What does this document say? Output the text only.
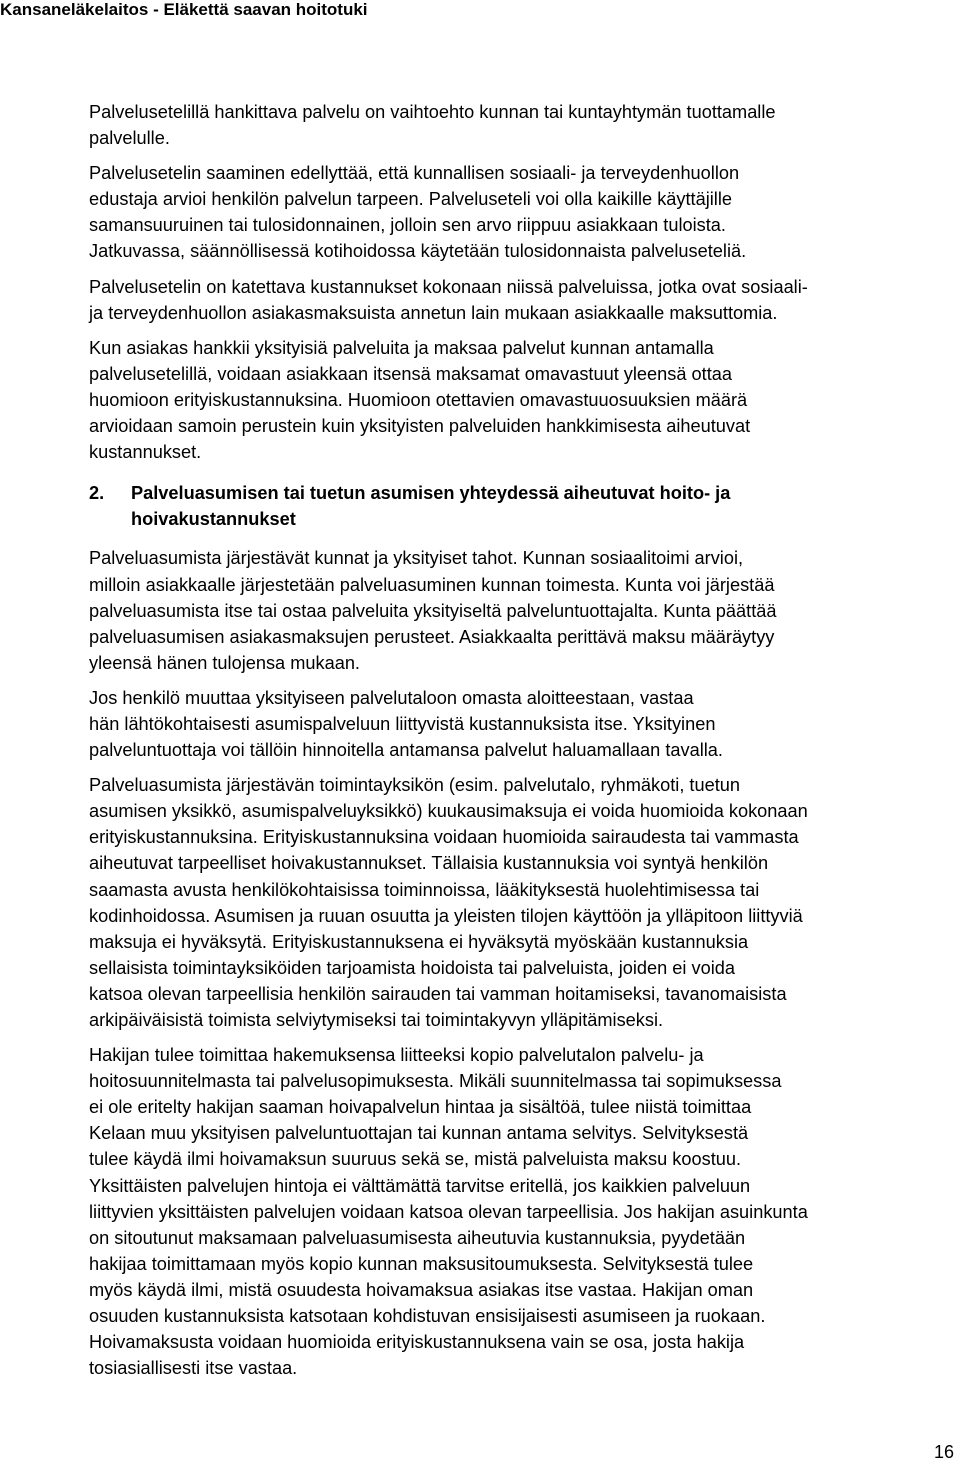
Kansaneläkelaitos - Eläkettä saavan hoitotuki

Palvelusetelillä hankittava palvelu on vaihtoehto kunnan tai kuntayhtymän tuottamalle
palvelulle.

Palvelusetelin saaminen edellyttää, että kunnallisen sosiaali- ja terveydenhuollon
edustaja arvioi henkilön palvelun tarpeen. Palveluseteli voi olla kaikille käyttäjille
samansuuruinen tai tulosidonnainen, jolloin sen arvo riippuu asiakkaan tuloista.
Jatkuvassa, säännöllisessä kotihoidossa käytetään tulosidonnaista palveluseteliä.

Palvelusetelin on katettava kustannukset kokonaan niissä palveluissa, jotka ovat sosiaali-
ja terveydenhuollon asiakasmaksuista annetun lain mukaan asiakkaalle maksuttomia.

Kun asiakas hankkii yksityisiä palveluita ja maksaa palvelut kunnan antamalla
palvelusetelillä, voidaan asiakkaan itsensä maksamat omavastuut yleensä ottaa
huomioon erityiskustannuksina. Huomioon otettavien omavastuuosuuksien määrä
arvioidaan samoin perustein kuin yksityisten palveluiden hankkimisesta aiheutuvat
kustannukset.

2.	Palveluasumisen tai tuetun asumisen yhteydessä aiheutuvat hoito- ja
hoivakustannukset

Palveluasumista järjestävät kunnat ja yksityiset tahot. Kunnan sosiaalitoimi arvioi,
milloin asiakkaalle järjestetään palveluasuminen kunnan toimesta. Kunta voi järjestää
palveluasumista itse tai ostaa palveluita yksityiseltä palveluntuottajalta. Kunta päättää
palveluasumisen asiakasmaksujen perusteet. Asiakkaalta perittävä maksu määräytyy
yleensä hänen tulojensa mukaan.

Jos henkilö muuttaa yksityiseen palvelutaloon omasta aloitteestaan, vastaa
hän lähtökohtaisesti asumispalveluun liittyvistä kustannuksista itse. Yksityinen
palveluntuottaja voi tällöin hinnoitella antamansa palvelut haluamallaan tavalla.

Palveluasumista järjestävän toimintayksikön (esim. palvelutalo, ryhmäkoti, tuetun
asumisen yksikkö, asumispalveluyksikkö) kuukausimaksuja ei voida huomioida kokonaan
erityiskustannuksina. Erityiskustannuksina voidaan huomioida sairaudesta tai vammasta
aiheutuvat tarpeelliset hoivakustannukset. Tällaisia kustannuksia voi syntyä henkilön
saamasta avusta henkilökohtaisissa toiminnoissa, lääkityksestä huolehtimisessa tai
kodinhoidossa. Asumisen ja ruuan osuutta ja yleisten tilojen käyttöön ja ylläpitoon liittyviä
maksuja ei hyväksytä. Erityiskustannuksena ei hyväksytä myöskään kustannuksia
sellaisista toimintayksiköiden tarjoamista hoidoista tai palveluista, joiden ei voida
katsoa olevan tarpeellisia henkilön sairauden tai vamman hoitamiseksi, tavanomaisista
arkipäiväisistä toimista selviytymiseksi tai toimintakyvyn ylläpitämiseksi.

Hakijan tulee toimittaa hakemuksensa liitteeksi kopio palvelutalon palvelu- ja
hoitosuunnitelmasta tai palvelusopimuksesta. Mikäli suunnitelmassa tai sopimuksessa
ei ole eritelty hakijan saaman hoivapalvelun hintaa ja sisältöä, tulee niistä toimittaa
Kelaan muu yksityisen palveluntuottajan tai kunnan antama selvitys. Selvityksestä
tulee käydä ilmi hoivamaksun suuruus sekä se, mistä palveluista maksu koostuu.
Yksittäisten palvelujen hintoja ei välttämättä tarvitse eritellä, jos kaikkien palveluun
liittyvien yksittäisten palvelujen voidaan katsoa olevan tarpeellisia. Jos hakijan asuinkunta
on sitoutunut maksamaan palveluasumisesta aiheutuvia kustannuksia, pyydetään
hakijaa toimittamaan myös kopio kunnan maksusitoumuksesta. Selvityksestä tulee
myös käydä ilmi, mistä osuudesta hoivamaksua asiakas itse vastaa. Hakijan oman
osuuden kustannuksista katsotaan kohdistuvan ensisijaisesti asumiseen ja ruokaan.
Hoivamaksusta voidaan huomioida erityiskustannuksena vain se osa, josta hakija
tosiasiallisesti itse vastaa.

16
